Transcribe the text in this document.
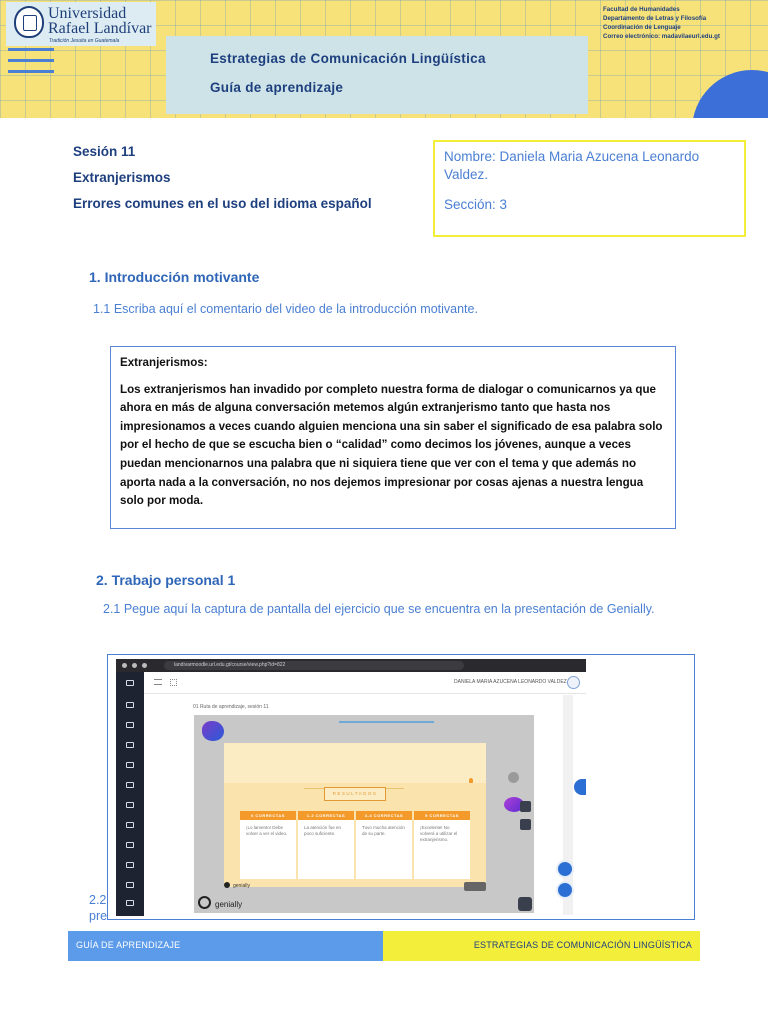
Universidad
Rafael Landívar
Tradición Jesuita en Guatemala
Estrategias de Comunicación Lingüística
Guía de aprendizaje
Facultad de Humanidades
Departamento de Letras y Filosofía
Coordinación de Lenguaje
Correo electrónico: madavilaeurl.edu.gt
Sesión 11
Extranjerismos
Errores comunes en el uso del idioma español
Nombre: Daniela Maria Azucena Leonardo Valdez.
Sección: 3
1. Introducción motivante
1.1 Escriba aquí el comentario del video de la introducción motivante.
Extranjerismos:
Los extranjerismos han invadido por completo nuestra forma de dialogar o comunicarnos ya que ahora en más de alguna conversación metemos algún extranjerismo tanto que hasta nos impresionamos a veces cuando alguien menciona una sin saber el significado de esa palabra solo por el hecho de que se escucha bien o “calidad” como decimos los jóvenes, aunque a veces puedan mencionarnos una palabra que ni siquiera tiene que ver con el tema y que además no aporta nada a la conversación, no nos dejemos impresionar por cosas ajenas a nuestra lengua solo por moda.
2. Trabajo personal 1
2.1 Pegue aquí la captura de pantalla del ejercicio que se encuentra en la presentación de Genially.
2.2 pre
landivarmoodle.url.edu.gt/course/view.php?id=822
DANIELA MARIA AZUCENA LEONARDO VALDEZ
01 Ruta de aprendizaje, sesión 11
RESULTADOS
0 CORRECTAS
¡Lo lamento! Debe volver a ver el video.
1-2 CORRECTAS
La atención fue en poco suficiente.
3-4 CORRECTAS
Tuvo mucha atención de su parte.
5 CORRECTAS
¡Excelente! No volverá a utilizar el extranjerismo.
genially
genially
GUÍA DE APRENDIZAJE	ESTRATEGIAS DE COMUNICACIÓN LINGÜÍSTICA
